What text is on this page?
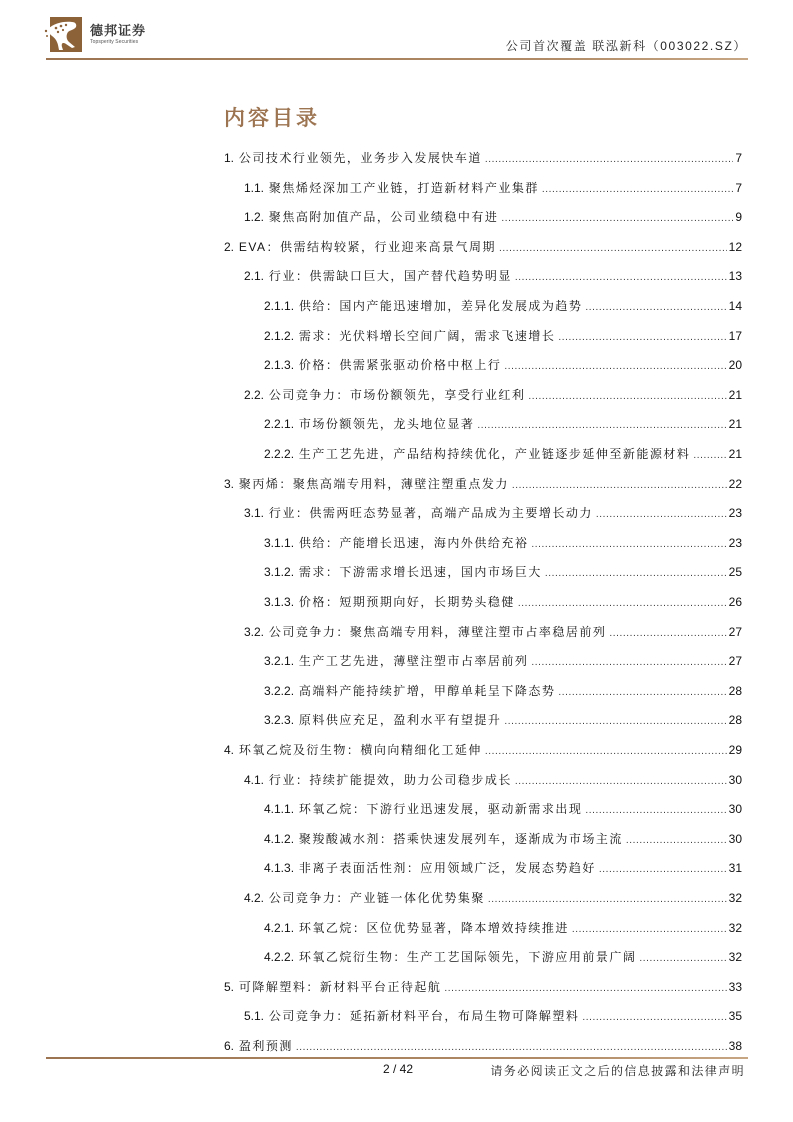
德邦证券
Topsperity Securities	公司首次覆盖 联泓新科（003022.SZ）
内容目录
1. 公司技术行业领先，业务步入发展快车道 .....	7
1.1. 聚焦烯烃深加工产业链，打造新材料产业集群 .....	7
1.2. 聚焦高附加值产品，公司业绩稳中有进 .....	9
2. EVA：供需结构较紧，行业迎来高景气周期 .....	12
2.1. 行业：供需缺口巨大，国产替代趋势明显 .....	13
2.1.1. 供给：国内产能迅速增加，差异化发展成为趋势 .....	14
2.1.2. 需求：光伏料增长空间广阔，需求飞速增长 .....	17
2.1.3. 价格：供需紧张驱动价格中枢上行 .....	20
2.2. 公司竞争力：市场份额领先，享受行业红利 .....	21
2.2.1. 市场份额领先，龙头地位显著 .....	21
2.2.2. 生产工艺先进，产品结构持续优化，产业链逐步延伸至新能源材料 .....	21
3. 聚丙烯：聚焦高端专用料，薄壁注塑重点发力 .....	22
3.1. 行业：供需两旺态势显著，高端产品成为主要增长动力 .....	23
3.1.1. 供给：产能增长迅速，海内外供给充裕 .....	23
3.1.2. 需求：下游需求增长迅速，国内市场巨大 .....	25
3.1.3. 价格：短期预期向好，长期势头稳健 .....	26
3.2. 公司竞争力：聚焦高端专用料，薄壁注塑市占率稳居前列 .....	27
3.2.1. 生产工艺先进，薄壁注塑市占率居前列 .....	27
3.2.2. 高端料产能持续扩增，甲醇单耗呈下降态势 .....	28
3.2.3. 原料供应充足，盈利水平有望提升 .....	28
4. 环氧乙烷及衍生物：横向向精细化工延伸 .....	29
4.1. 行业：持续扩能提效，助力公司稳步成长 .....	30
4.1.1. 环氧乙烷：下游行业迅速发展，驱动新需求出现 .....	30
4.1.2. 聚羧酸减水剂：搭乘快速发展列车，逐渐成为市场主流 .....	30
4.1.3. 非离子表面活性剂：应用领域广泛，发展态势趋好 .....	31
4.2. 公司竞争力：产业链一体化优势集聚 .....	32
4.2.1. 环氧乙烷：区位优势显著，降本增效持续推进 .....	32
4.2.2. 环氧乙烷衍生物：生产工艺国际领先，下游应用前景广阔 .....	32
5. 可降解塑料：新材料平台正待起航 .....	33
5.1. 公司竞争力：延拓新材料平台，布局生物可降解塑料 .....	35
6. 盈利预测 .....	38
2 / 42	请务必阅读正文之后的信息披露和法律声明
